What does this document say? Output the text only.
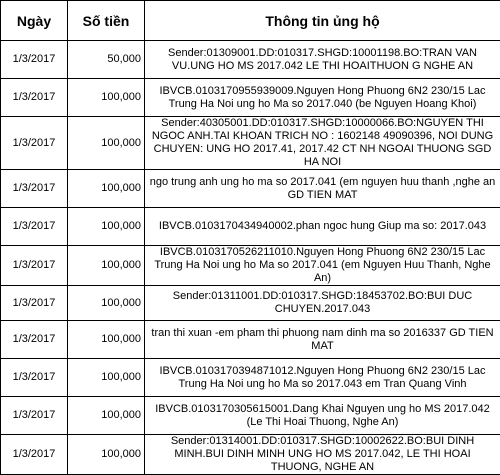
Ngày	Số tiền	Thông tin ủng hộ
1/3/2017	50,000	Sender:01309001.DD:010317.SHGD:10001198.BO:TRAN VAN VU.UNG HO MS 2017.042 LE THI HOAITHUON G NGHE AN
1/3/2017	100,000	IBVCB.0103170955939009.Nguyen Hong Phuong 6N2 230/15 Lac Trung Ha Noi ung ho Ma so 2017.040 (be Nguyen Hoang Khoi)
1/3/2017	100,000	Sender:40305001.DD:010317.SHGD:10000066.BO:NGUYEN THI NGOC ANH.TAI KHOAN TRICH NO : 1602148 49090396, NOI DUNG CHUYEN: UNG HO 2017.41, 2017.42 CT NH NGOAI THUONG SGD HA NOI
1/3/2017	100,000	ngo trung anh ung ho ma so 2017.041 (em nguyen huu thanh ,nghe an GD TIEN MAT
1/3/2017	100,000	IBVCB.0103170434940002.phan ngoc hung Giup ma so: 2017.043
1/3/2017	100,000	IBVCB.0103170526211010.Nguyen Hong Phuong 6N2 230/15 Lac Trung Ha Noi ung ho Ma so 2017.041 (em Nguyen Huu Thanh, Nghe An)
1/3/2017	100,000	Sender:01311001.DD:010317.SHGD:18453702.BO:BUI DUC CHUYEN.2017.043
1/3/2017	100,000	tran thi xuan -em pham thi phuong nam dinh ma so 2016337 GD TIEN MAT
1/3/2017	100,000	IBVCB.0103170394871012.Nguyen Hong Phuong 6N2 230/15 Lac Trung Ha Noi ung ho Ma so 2017.043 em Tran Quang Vinh
1/3/2017	100,000	IBVCB.0103170305615001.Dang Khai Nguyen ung ho MS 2017.042 (Le Thi Hoai Thuong, Nghe An)
1/3/2017	100,000	Sender:01314001.DD:010317.SHGD:10002622.BO:BUI DINH MINH.BUI DINH MINH UNG HO MS 2017.042, LE THI HOAI THUONG, NGHE AN
